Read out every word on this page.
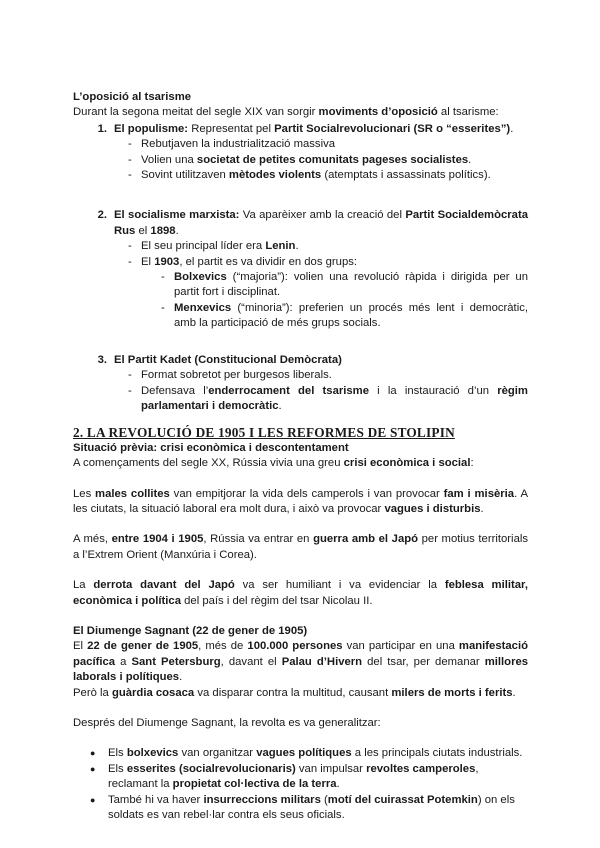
L’oposició al tsarisme

Durant la segona meitat del segle XIX van sorgir moviments d’oposició al tsarisme:

1. El populisme: Representat pel Partit Socialrevolucionari (SR o “esserites”).
- Rebutjaven la industrialització massiva
- Volien una societat de petites comunitats pageses socialistes.
- Sovint utilitzaven mètodes violents (atemptats i assassinats polítics).
2. El socialisme marxista: Va aparèixer amb la creació del Partit Socialdemòcrata Rus el 1898.
- El seu principal líder era Lenin.
- El 1903, el partit es va dividir en dos grups:
- Bolxevics (“majoria”): volien una revolució ràpida i dirigida per un partit fort i disciplinat.
- Menxevics (“minoria”): preferien un procés més lent i democràtic, amb la participació de més grups socials.
3. El Partit Kadet (Constitucional Demòcrata)
- Format sobretot per burgesos liberals.
- Defensava l’enderrocament del tsarisme i la instauració d’un règim parlamentari i democràtic.

2. LA REVOLUCIÓ DE 1905 I LES REFORMES DE STOLIPIN

Situació prèvia: crisi econòmica i descontentament

A començaments del segle XX, Rússia vivia una greu crisi econòmica i social:

Les males collites van empitjorar la vida dels camperols i van provocar fam i misèria. A les ciutats, la situació laboral era molt dura, i això va provocar vagues i disturbis.

A més, entre 1904 i 1905, Rússia va entrar en guerra amb el Japó per motius territorials a l’Extrem Orient (Manxúria i Corea).

La derrota davant del Japó va ser humiliant i va evidenciar la feblesa militar, econòmica i política del país i del règim del tsar Nicolau II.

El Diumenge Sagnant (22 de gener de 1905)

El 22 de gener de 1905, més de 100.000 persones van participar en una manifestació pacífica a Sant Petersburg, davant el Palau d’Hivern del tsar, per demanar millores laborals i polítiques.

Però la guàrdia cosaca va disparar contra la multitud, causant milers de morts i ferits.

Després del Diumenge Sagnant, la revolta es va generalitzar:

●	Els bolxevics van organitzar vagues polítiques a les principals ciutats industrials.
●	Els esserites (socialrevolucionaris) van impulsar revoltes camperoles, reclamant la propietat col·lectiva de la terra.
●	També hi va haver insurreccions militars (motí del cuirassat Potemkin) on els soldats es van rebel·lar contra els seus oficials.
